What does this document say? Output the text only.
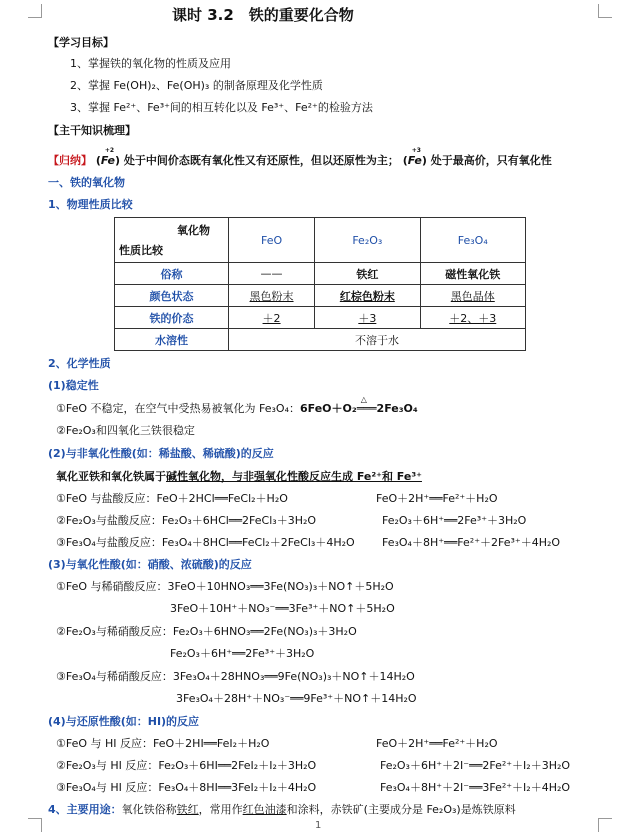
课时 3.2　铁的重要化合物
【学习目标】
1、掌握铁的氧化物的性质及应用
2、掌握 Fe(OH)₂、Fe(OH)₃ 的制备原理及化学性质
3、掌握 Fe²⁺、Fe³⁺间的相互转化以及 Fe³⁺、Fe²⁺的检验方法
【主干知识梳理】
【归纳】 (
+2
Fe) 处于中间价态既有氧化性又有还原性，但以还原性为主； (
+3
Fe) 处于最高价，只有氧化性
一、铁的氧化物
1、物理性质比较
氧化物
性质比较	FeO	Fe₂O₃	Fe₃O₄
俗称	——	铁红	磁性氧化铁
颜色状态	黑色粉末	红棕色粉末	黑色晶体
铁的价态	＋2	＋3	＋2、＋3
水溶性	不溶于水		
2、化学性质
(1)稳定性
①FeO 不稳定，在空气中受热易被氧化为 Fe₃O₄：6FeO＋O₂
△
═══2Fe₃O₄
②Fe₂O₃和四氧化三铁很稳定
(2)与非氧化性酸(如：稀盐酸、稀硫酸)的反应
氧化亚铁和氧化铁属于碱性氧化物，与非强氧化性酸反应生成 Fe²⁺和 Fe³⁺
①FeO 与盐酸反应：FeO＋2HCl══FeCl₂＋H₂O	FeO＋2H⁺══Fe²⁺＋H₂O
②Fe₂O₃与盐酸反应：Fe₂O₃＋6HCl══2FeCl₃＋3H₂O	Fe₂O₃＋6H⁺══2Fe³⁺＋3H₂O
③Fe₃O₄与盐酸反应：Fe₃O₄＋8HCl══FeCl₂＋2FeCl₃＋4H₂O Fe₃O₄＋8H⁺══Fe²⁺＋2Fe³⁺＋4H₂O
(3)与氧化性酸(如：硝酸、浓硫酸)的反应
①FeO 与稀硝酸反应：3FeO＋10HNO₃══3Fe(NO₃)₃＋NO↑＋5H₂O
3FeO＋10H⁺＋NO₃⁻══3Fe³⁺＋NO↑＋5H₂O
②Fe₂O₃与稀硝酸反应：Fe₂O₃＋6HNO₃══2Fe(NO₃)₃＋3H₂O
Fe₂O₃＋6H⁺══2Fe³⁺＋3H₂O
③Fe₃O₄与稀硝酸反应：3Fe₃O₄＋28HNO₃══9Fe(NO₃)₃＋NO↑＋14H₂O
3Fe₃O₄＋28H⁺＋NO₃⁻══9Fe³⁺＋NO↑＋14H₂O
(4)与还原性酸(如：HI)的反应
①FeO 与 HI 反应：FeO＋2HI══FeI₂＋H₂O	FeO＋2H⁺══Fe²⁺＋H₂O
②Fe₂O₃与 HI 反应：Fe₂O₃＋6HI══2FeI₂＋I₂＋3H₂O	Fe₂O₃＋6H⁺＋2I⁻══2Fe²⁺＋I₂＋3H₂O
③Fe₃O₄与 HI 反应：Fe₃O₄＋8HI══3FeI₂＋I₂＋4H₂O	Fe₃O₄＋8H⁺＋2I⁻══3Fe²⁺＋I₂＋4H₂O
4、主要用途：氧化铁俗称铁红，常用作红色油漆和涂料，赤铁矿(主要成分是 Fe₂O₃)是炼铁原料
1
